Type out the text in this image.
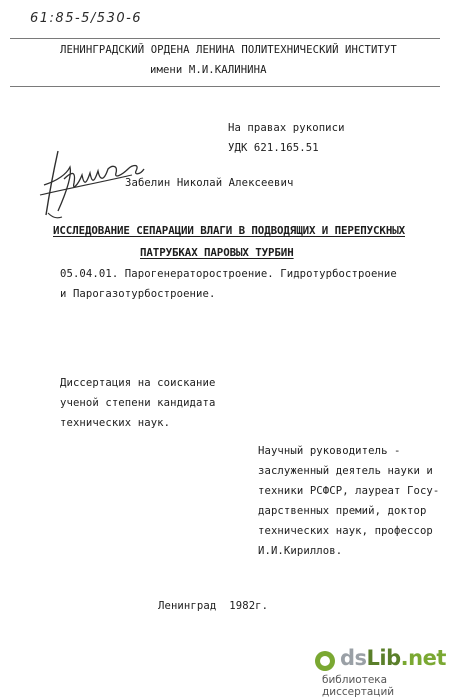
61:85-5/530-6
ЛЕНИНГРАДСКИЙ ОРДЕНА ЛЕНИНА ПОЛИТЕХНИЧЕСКИЙ ИНСТИТУТ
имени М.И.КАЛИНИНА
На правах рукописи
УДК 621.165.51
Забелин Николай Алексеевич
ИССЛЕДОВАНИЕ СЕПАРАЦИИ ВЛАГИ В ПОДВОДЯЩИХ И ПЕРЕПУСКНЫХ
ПАТРУБКАХ ПАРОВЫХ ТУРБИН
05.04.01. Парогенераторостроение. Гидротурбостроение
и Парогазотурбостроение.
Диссертация на соискание
ученой степени кандидата
технических наук.
Научный руководитель -
заслуженный деятель науки и
техники РСФСР, лауреат Госу-
дарственных премий, доктор
технических наук, профессор
И.И.Кириллов.
Ленинград  1982г.
dsLib.net
библиотека диссертаций
